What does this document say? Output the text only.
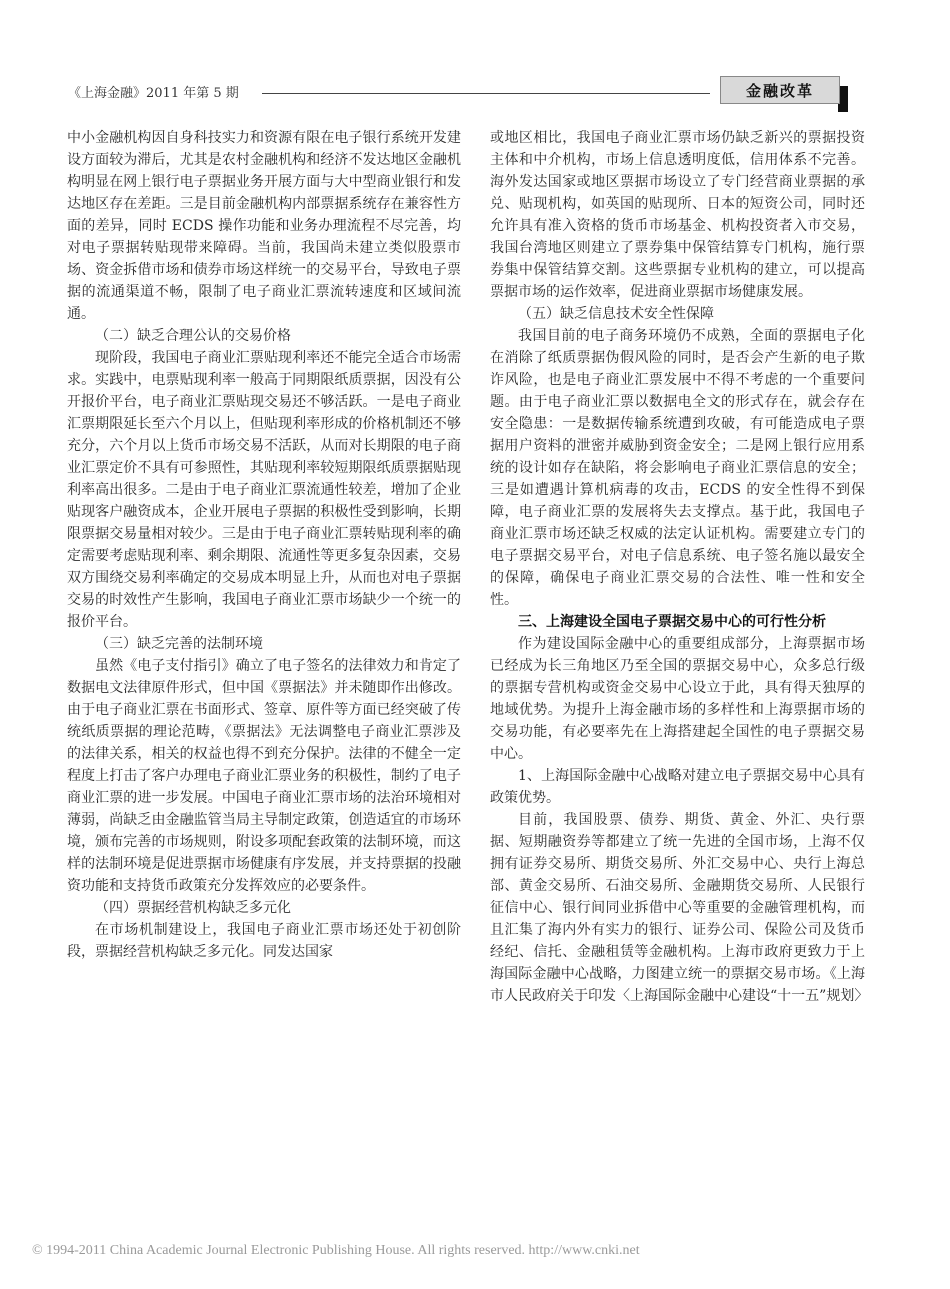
《上海金融》2011 年第 5 期	金融改革

中小金融机构因自身科技实力和资源有限在电子银行系统开发建设方面较为滞后，尤其是农村金融机构和经济不发达地区金融机构明显在网上银行电子票据业务开展方面与大中型商业银行和发达地区存在差距。三是目前金融机构内部票据系统存在兼容性方面的差异，同时 ECDS 操作功能和业务办理流程不尽完善，均对电子票据转贴现带来障碍。当前，我国尚未建立类似股票市场、资金拆借市场和债券市场这样统一的交易平台，导致电子票据的流通渠道不畅，限制了电子商业汇票流转速度和区域间流通。

（二）缺乏合理公认的交易价格

现阶段，我国电子商业汇票贴现利率还不能完全适合市场需求。实践中，电票贴现利率一般高于同期限纸质票据，因没有公开报价平台，电子商业汇票贴现交易还不够活跃。一是电子商业汇票期限延长至六个月以上，但贴现利率形成的价格机制还不够充分，六个月以上货币市场交易不活跃，从而对长期限的电子商业汇票定价不具有可参照性，其贴现利率较短期限纸质票据贴现利率高出很多。二是由于电子商业汇票流通性较差，增加了企业贴现客户融资成本，企业开展电子票据的积极性受到影响，长期限票据交易量相对较少。三是由于电子商业汇票转贴现利率的确定需要考虑贴现利率、剩余期限、流通性等更多复杂因素，交易双方围绕交易利率确定的交易成本明显上升，从而也对电子票据交易的时效性产生影响，我国电子商业汇票市场缺少一个统一的报价平台。

（三）缺乏完善的法制环境

虽然《电子支付指引》确立了电子签名的法律效力和肯定了数据电文法律原件形式，但中国《票据法》并未随即作出修改。由于电子商业汇票在书面形式、签章、原件等方面已经突破了传统纸质票据的理论范畴，《票据法》无法调整电子商业汇票涉及的法律关系，相关的权益也得不到充分保护。法律的不健全一定程度上打击了客户办理电子商业汇票业务的积极性，制约了电子商业汇票的进一步发展。中国电子商业汇票市场的法治环境相对薄弱，尚缺乏由金融监管当局主导制定政策，创造适宜的市场环境，颁布完善的市场规则，附设多项配套政策的法制环境，而这样的法制环境是促进票据市场健康有序发展，并支持票据的投融资功能和支持货币政策充分发挥效应的必要条件。

（四）票据经营机构缺乏多元化

在市场机制建设上，我国电子商业汇票市场还处于初创阶段，票据经营机构缺乏多元化。同发达国家

或地区相比，我国电子商业汇票市场仍缺乏新兴的票据投资主体和中介机构，市场上信息透明度低，信用体系不完善。海外发达国家或地区票据市场设立了专门经营商业票据的承兑、贴现机构，如英国的贴现所、日本的短资公司，同时还允许具有准入资格的货币市场基金、机构投资者入市交易，我国台湾地区则建立了票券集中保管结算专门机构，施行票券集中保管结算交割。这些票据专业机构的建立，可以提高票据市场的运作效率，促进商业票据市场健康发展。

（五）缺乏信息技术安全性保障

我国目前的电子商务环境仍不成熟，全面的票据电子化在消除了纸质票据伪假风险的同时，是否会产生新的电子欺诈风险，也是电子商业汇票发展中不得不考虑的一个重要问题。由于电子商业汇票以数据电全文的形式存在，就会存在安全隐患：一是数据传输系统遭到攻破，有可能造成电子票据用户资料的泄密并威胁到资金安全；二是网上银行应用系统的设计如存在缺陷，将会影响电子商业汇票信息的安全；三是如遭遇计算机病毒的攻击，ECDS 的安全性得不到保障，电子商业汇票的发展将失去支撑点。基于此，我国电子商业汇票市场还缺乏权威的法定认证机构。需要建立专门的电子票据交易平台，对电子信息系统、电子签名施以最安全的保障，确保电子商业汇票交易的合法性、唯一性和安全性。

三、上海建设全国电子票据交易中心的可行性分析

作为建设国际金融中心的重要组成部分，上海票据市场已经成为长三角地区乃至全国的票据交易中心，众多总行级的票据专营机构或资金交易中心设立于此，具有得天独厚的地域优势。为提升上海金融市场的多样性和上海票据市场的交易功能，有必要率先在上海搭建起全国性的电子票据交易中心。

1、上海国际金融中心战略对建立电子票据交易中心具有政策优势。

目前，我国股票、债券、期货、黄金、外汇、央行票据、短期融资券等都建立了统一先进的全国市场，上海不仅拥有证券交易所、期货交易所、外汇交易中心、央行上海总部、黄金交易所、石油交易所、金融期货交易所、人民银行征信中心、银行间同业拆借中心等重要的金融管理机构，而且汇集了海内外有实力的银行、证券公司、保险公司及货币经纪、信托、金融租赁等金融机构。上海市政府更致力于上海国际金融中心战略，力图建立统一的票据交易市场。《上海市人民政府关于印发〈上海国际金融中心建设“十一五”规划〉

© 1994-2011 China Academic Journal Electronic Publishing House. All rights reserved. http://www.cnki.net
